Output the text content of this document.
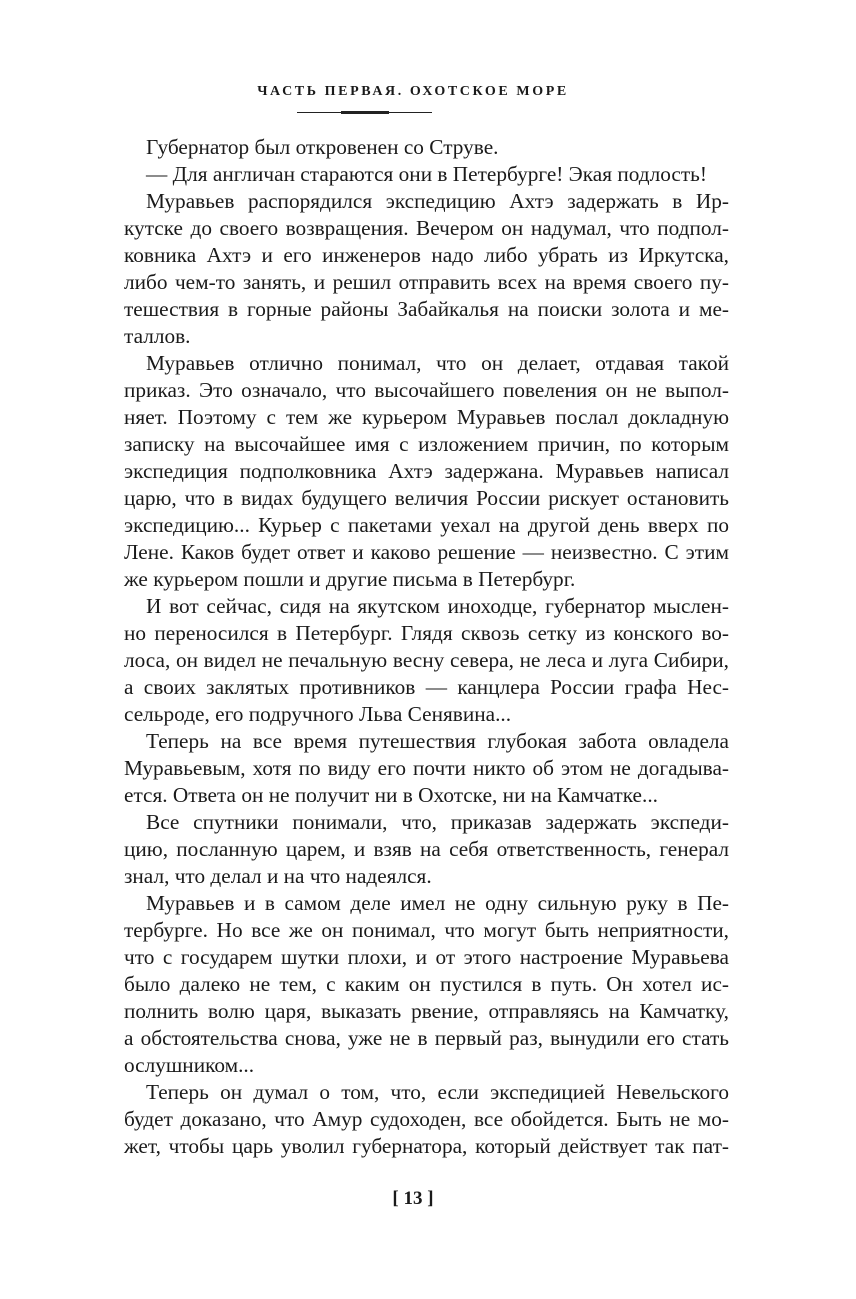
ЧАСТЬ ПЕРВАЯ. ОХОТСКОЕ МОРЕ
Губернатор был откровенен со Струве.
— Для англичан стараются они в Петербурге! Экая подлость!
Муравьев распорядился экспедицию Ахтэ задержать в Ир-
кутске до своего возвращения. Вечером он надумал, что подпол-
ковника Ахтэ и его инженеров надо либо убрать из Иркутска,
либо чем-то занять, и решил отправить всех на время своего пу-
тешествия в горные районы Забайкалья на поиски золота и ме-
таллов.
Муравьев отлично понимал, что он делает, отдавая такой
приказ. Это означало, что высочайшего повеления он не выпол-
няет. Поэтому с тем же курьером Муравьев послал докладную
записку на высочайшее имя с изложением причин, по которым
экспедиция подполковника Ахтэ задержана. Муравьев написал
царю, что в видах будущего величия России рискует остановить
экспедицию... Курьер с пакетами уехал на другой день вверх по
Лене. Каков будет ответ и каково решение — неизвестно. С этим
же курьером пошли и другие письма в Петербург.
И вот сейчас, сидя на якутском иноходце, губернатор мыслен-
но переносился в Петербург. Глядя сквозь сетку из конского во-
лоса, он видел не печальную весну севера, не леса и луга Сибири,
а своих заклятых противников — канцлера России графа Нес-
сельроде, его подручного Льва Сенявина...
Теперь на все время путешествия глубокая забота овладела
Муравьевым, хотя по виду его почти никто об этом не догадыва-
ется. Ответа он не получит ни в Охотске, ни на Камчатке...
Все спутники понимали, что, приказав задержать экспеди-
цию, посланную царем, и взяв на себя ответственность, генерал
знал, что делал и на что надеялся.
Муравьев и в самом деле имел не одну сильную руку в Пе-
тербурге. Но все же он понимал, что могут быть неприятности,
что с государем шутки плохи, и от этого настроение Муравьева
было далеко не тем, с каким он пустился в путь. Он хотел ис-
полнить волю царя, выказать рвение, отправляясь на Камчатку,
а обстоятельства снова, уже не в первый раз, вынудили его стать
ослушником...
Теперь он думал о том, что, если экспедицией Невельского
будет доказано, что Амур судоходен, все обойдется. Быть не мо-
жет, чтобы царь уволил губернатора, который действует так пат-
[ 13 ]
